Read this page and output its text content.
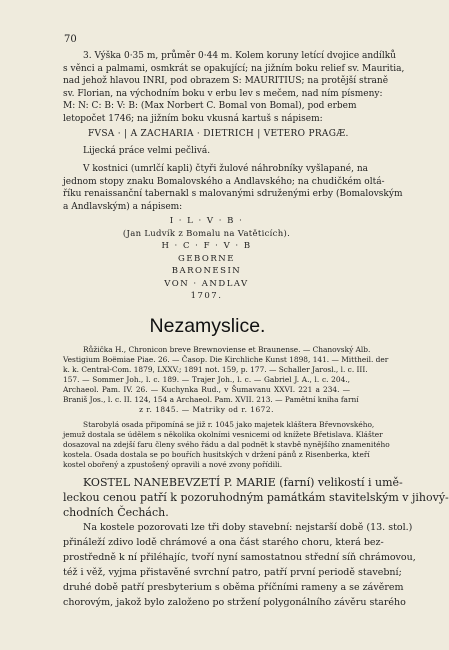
70
3. Výška 0·35 m, průměr 0·44 m. Kolem koruny letící dvojice andílků
s věnci a palmami, osmkrát se opakující; na jižním boku relief sv. Mauritia,
nad jehož hlavou INRI, pod obrazem S: MAURITIUS; na protější straně
sv. Florian, na východním boku v erbu lev s mečem, nad ním písmeny:
M: N: C: B: V: B: (Max Norbert C. Bomal von Bomal), pod erbem
letopočet 1746; na jižním boku vkusná kartuš s nápisem:
FVSA · | A ZACHARIA · DIETRICH | VETERO PRAGÆ.
Lijecká práce velmi pečlivá.
V kostnici (umrlčí kapli) čtyři žulové náhrobníky vyšlapané, na
jednom stopy znaku Bomalovského a Andlavského; na chudičkém oltá-
říku renaissanční tabernakl s malovanými sdruženými erby (Bomalovským
a Andlavským) a nápisem:
I · L · V · B ·
(Jan Ludvík z Bomalu na Vatěticích).
H · C · F · V · B
GEBORNE
BARONESIN
VON · ANDLAV
1707.
Nezamyslice.
Růžička H., Chronicon breve Brewnoviense et Braunense. — Chanovský Alb.
Vestigium Boëmiae Piae. 26. — Časop. Die Kirchliche Kunst 1898, 141. — Mittheil. der
k. k. Central-Com. 1879, LXXV.; 1891 not. 159, p. 177. — Schaller Jarosl., l. c. III.
157. — Sommer Joh., l. c. 189. — Trajer Joh., l. c. — Gabriel J. A., l. c. 204.,
Archaeol. Pam. IV. 26. — Kuchynka Rud., v Šumavanu XXVI. 221 a 234. —
Braniš Jos., l. c. II. 124, 154 a Archaeol. Pam. XVII. 213. — Pamětní kniha farní
z r. 1845. — Matriky od r. 1672.
Starobylá osada připomíná se již r. 1045 jako majetek kláštera Břevnovského,
jemuž dostala se údělem s několika okolními vesnicemi od knížete Břetislava. Klášter
dosazoval na zdejší faru členy svého řádu a dal podnět k stavbě nynějšího znamenitého
kostela. Osada dostala se po bouřích husitských v držení pánů z Risenberka, kteří
kostel obořený a zpustošený opravili a nové zvony pořídili.
KOSTEL NANEBEVZETÍ P. MARIE (farní) velikostí i umě-
leckou cenou patří k pozoruhodným památkám stavitelským v jihový-
chodních Čechách.
Na kostele pozorovati lze tři doby stavební: nejstarší době (13. stol.)
přináleží zdivo lodě chrámové a ona část starého choru, která bez-
prostředně k ní přiléhajíc, tvoří nyní samostatnou střední síň chrámovou,
též i věž, vyjma přistavěné svrchní patro, patří první periodě stavební;
druhé době patří presbyterium s oběma příčními rameny a se závěrem
chorovým, jakož bylo založeno po stržení polygonálního závěru starého
